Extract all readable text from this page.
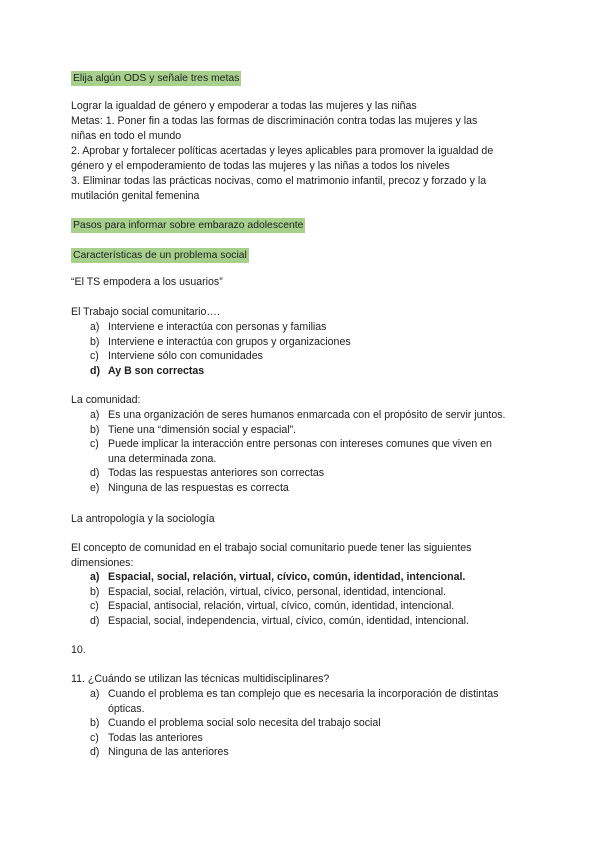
Elija algún ODS y señale tres metas
Lograr la igualdad de género y empoderar a todas las mujeres y las niñas
Metas: 1. Poner fin a todas las formas de discriminación contra todas las mujeres y las
niñas en todo el mundo
2. Aprobar y fortalecer políticas acertadas y leyes aplicables para promover la igualdad de
género y el empoderamiento de todas las mujeres y las niñas a todos los niveles
3. Eliminar todas las prácticas nocivas, como el matrimonio infantil, precoz y forzado y la
mutilación genital femenina
Pasos para informar sobre embarazo adolescente
Características de un problema social
“El TS empodera a los usuarios”
El Trabajo social comunitario….
a) Interviene e interactúa con personas y familias
b) Interviene e interactúa con grupos y organizaciones
c) Interviene sólo con comunidades
d) Ay B son correctas
La comunidad:
a) Es una organización de seres humanos enmarcada con el propósito de servir juntos.
b) Tiene una “dimensión social y espacial”.
c) Puede implicar la interacción entre personas con intereses comunes que viven en una determinada zona.
d) Todas las respuestas anteriores son correctas
e) Ninguna de las respuestas es correcta
La antropología y la sociología
El concepto de comunidad en el trabajo social comunitario puede tener las siguientes
dimensiones:
a) Espacial, social, relación, virtual, cívico, común, identidad, intencional.
b) Espacial, social, relación, virtual, cívico, personal, identidad, intencional.
c) Espacial, antisocial, relación, virtual, cívico, común, identidad, intencional.
d) Espacial, social, independencia, virtual, cívico, común, identidad, intencional.
10.
11. ¿Cuándo se utilizan las técnicas multidisciplinares?
a) Cuando el problema es tan complejo que es necesaria la incorporación de distintas ópticas.
b) Cuando el problema social solo necesita del trabajo social
c) Todas las anteriores
d) Ninguna de las anteriores
